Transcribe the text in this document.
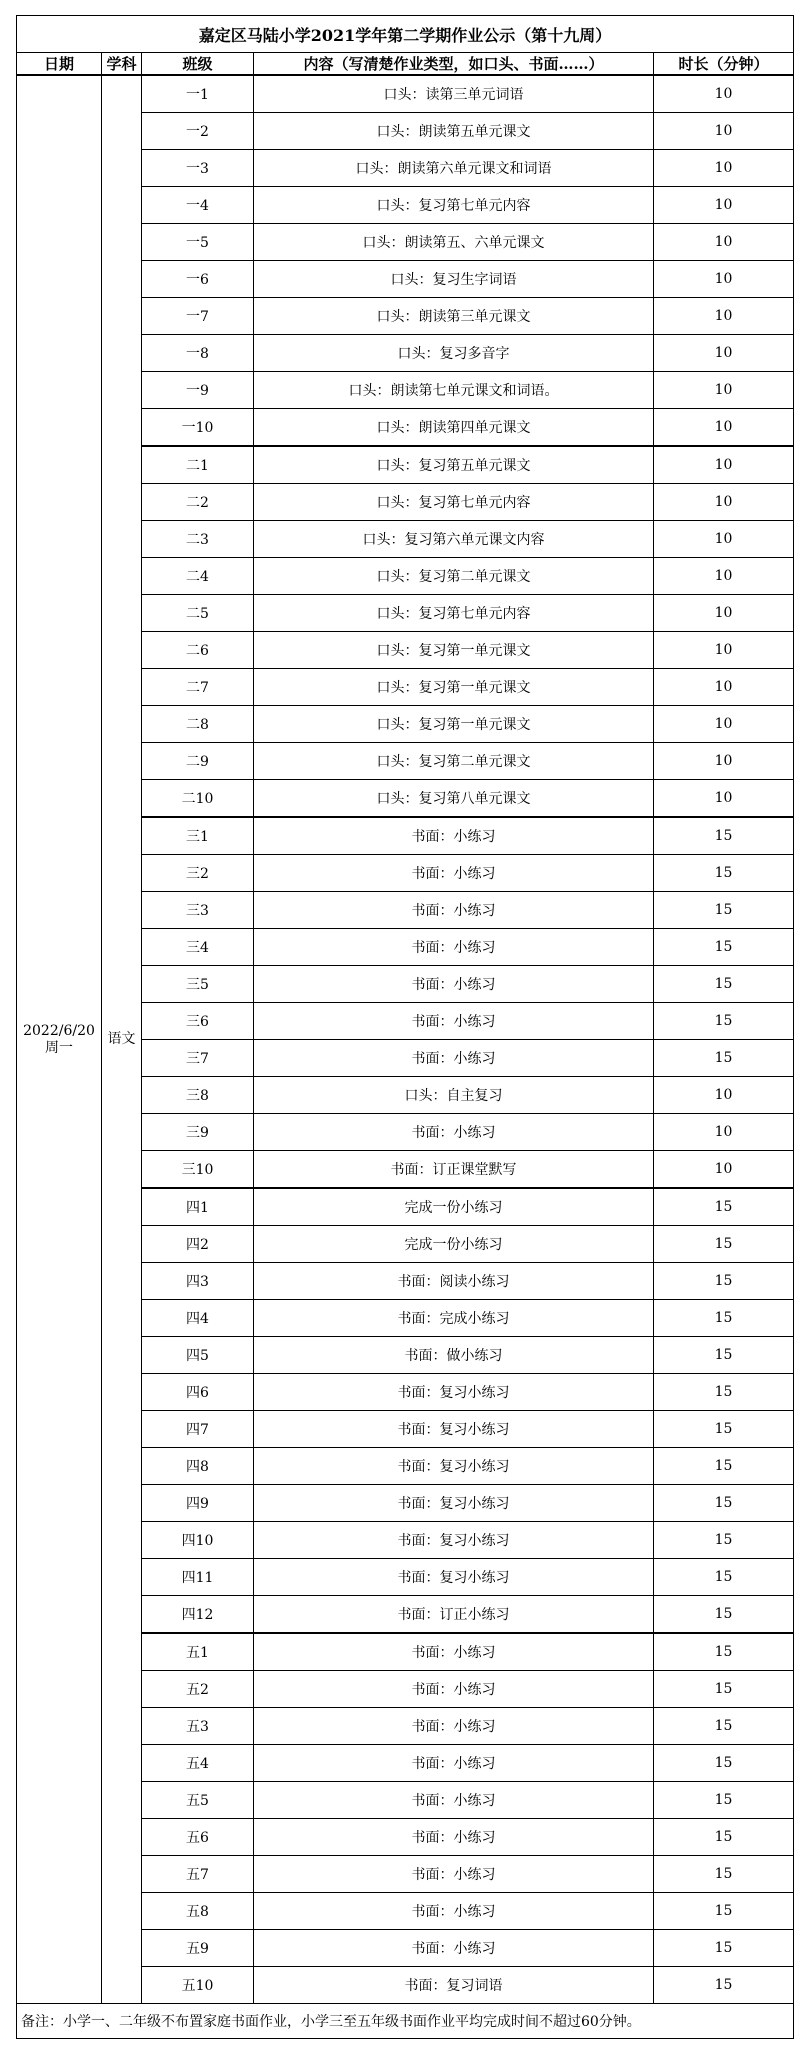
嘉定区马陆小学2021学年第二学期作业公示（第十九周）				
日期	学科	班级	内容（写清楚作业类型，如口头、书面……）	时长（分钟）

2022/6/20
周一	语文	一1	口头：读第三单元词语	10
		一2	口头：朗读第五单元课文	10
		一3	口头：朗读第六单元课文和词语	10
		一4	口头：复习第七单元内容	10
		一5	口头：朗读第五、六单元课文	10
		一6	口头：复习生字词语	10
		一7	口头：朗读第三单元课文	10
		一8	口头：复习多音字	10
		一9	口头：朗读第七单元课文和词语。	10
		一10	口头：朗读第四单元课文	10
		二1	口头：复习第五单元课文	10
		二2	口头：复习第七单元内容	10
		二3	口头：复习第六单元课文内容	10
		二4	口头：复习第二单元课文	10
		二5	口头：复习第七单元内容	10
		二6	口头：复习第一单元课文	10
		二7	口头：复习第一单元课文	10
		二8	口头：复习第一单元课文	10
		二9	口头：复习第二单元课文	10
		二10	口头：复习第八单元课文	10
		三1	书面：小练习	15
		三2	书面：小练习	15
		三3	书面：小练习	15
		三4	书面：小练习	15
		三5	书面：小练习	15
		三6	书面：小练习	15
		三7	书面：小练习	15
		三8	口头：自主复习	10
		三9	书面：小练习	10
		三10	书面：订正课堂默写	10
		四1	完成一份小练习	15
		四2	完成一份小练习	15
		四3	书面：阅读小练习	15
		四4	书面：完成小练习	15
		四5	书面：做小练习	15
		四6	书面：复习小练习	15
		四7	书面：复习小练习	15
		四8	书面：复习小练习	15
		四9	书面：复习小练习	15
		四10	书面：复习小练习	15
		四11	书面：复习小练习	15
		四12	书面：订正小练习	15
		五1	书面：小练习	15
		五2	书面：小练习	15
		五3	书面：小练习	15
		五4	书面：小练习	15
		五5	书面：小练习	15
		五6	书面：小练习	15
		五7	书面：小练习	15
		五8	书面：小练习	15
		五9	书面：小练习	15
		五10	书面：复习词语	15
备注：小学一、二年级不布置家庭书面作业，小学三至五年级书面作业平均完成时间不超过60分钟。				
